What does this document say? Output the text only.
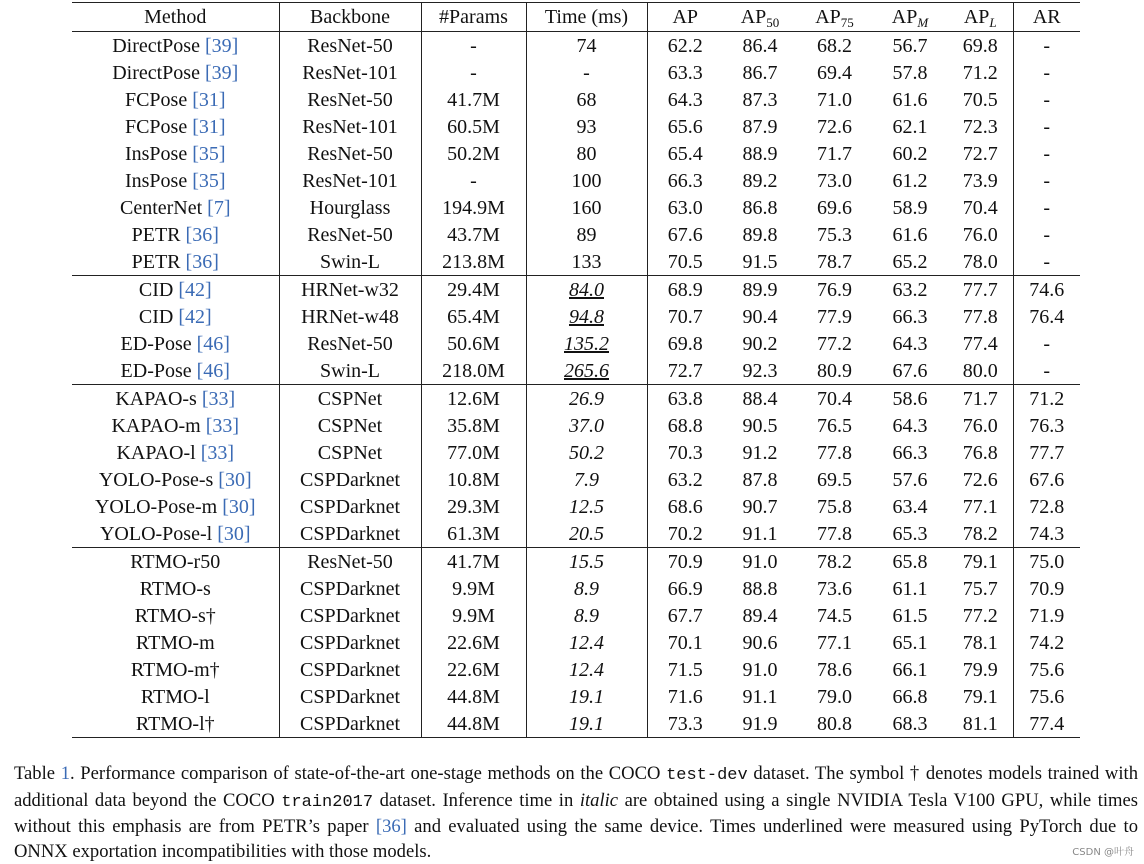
Method	Backbone	#Params	Time (ms)	AP	$AP_{50}$	$AP_{75}$	$AP_M$	$AP_L$	AR
DirectPose [39]	ResNet-50	-	74	62.2	86.4	68.2	56.7	69.8	-
DirectPose [39]	ResNet-101	-	-	63.3	86.7	69.4	57.8	71.2	-
FCPose [31]	ResNet-50	41.7M	68	64.3	87.3	71.0	61.6	70.5	-
FCPose [31]	ResNet-101	60.5M	93	65.6	87.9	72.6	62.1	72.3	-
InsPose [35]	ResNet-50	50.2M	80	65.4	88.9	71.7	60.2	72.7	-
InsPose [35]	ResNet-101	-	100	66.3	89.2	73.0	61.2	73.9	-
CenterNet [7]	Hourglass	194.9M	160	63.0	86.8	69.6	58.9	70.4	-
PETR [36]	ResNet-50	43.7M	89	67.6	89.8	75.3	61.6	76.0	-
PETR [36]	Swin-L	213.8M	133	70.5	91.5	78.7	65.2	78.0	-
CID [42]	HRNet-w32	29.4M	84.0	68.9	89.9	76.9	63.2	77.7	74.6
CID [42]	HRNet-w48	65.4M	94.8	70.7	90.4	77.9	66.3	77.8	76.4
ED-Pose [46]	ResNet-50	50.6M	135.2	69.8	90.2	77.2	64.3	77.4	-
ED-Pose [46]	Swin-L	218.0M	265.6	72.7	92.3	80.9	67.6	80.0	-
KAPAO-s [33]	CSPNet	12.6M	26.9	63.8	88.4	70.4	58.6	71.7	71.2
KAPAO-m [33]	CSPNet	35.8M	37.0	68.8	90.5	76.5	64.3	76.0	76.3
KAPAO-l [33]	CSPNet	77.0M	50.2	70.3	91.2	77.8	66.3	76.8	77.7
YOLO-Pose-s [30]	CSPDarknet	10.8M	7.9	63.2	87.8	69.5	57.6	72.6	67.6
YOLO-Pose-m [30]	CSPDarknet	29.3M	12.5	68.6	90.7	75.8	63.4	77.1	72.8
YOLO-Pose-l [30]	CSPDarknet	61.3M	20.5	70.2	91.1	77.8	65.3	78.2	74.3
RTMO-r50	ResNet-50	41.7M	15.5	70.9	91.0	78.2	65.8	79.1	75.0
RTMO-s	CSPDarknet	9.9M	8.9	66.9	88.8	73.6	61.1	75.7	70.9
RTMO-s†	CSPDarknet	9.9M	8.9	67.7	89.4	74.5	61.5	77.2	71.9
RTMO-m	CSPDarknet	22.6M	12.4	70.1	90.6	77.1	65.1	78.1	74.2
RTMO-m†	CSPDarknet	22.6M	12.4	71.5	91.0	78.6	66.1	79.9	75.6
RTMO-l	CSPDarknet	44.8M	19.1	71.6	91.1	79.0	66.8	79.1	75.6
RTMO-l†	CSPDarknet	44.8M	19.1	73.3	91.9	80.8	68.3	81.1	77.4
Table 1. Performance comparison of state-of-the-art one-stage methods on the COCO test-dev dataset. The symbol † denotes models trained with additional data beyond the COCO train2017 dataset. Inference time in italic are obtained using a single NVIDIA Tesla V100 GPU, while times without this emphasis are from PETR’s paper [36] and evaluated using the same device. Times underlined were measured using PyTorch due to ONNX exportation incompatibilities with those models.	CSDN @叶舟
